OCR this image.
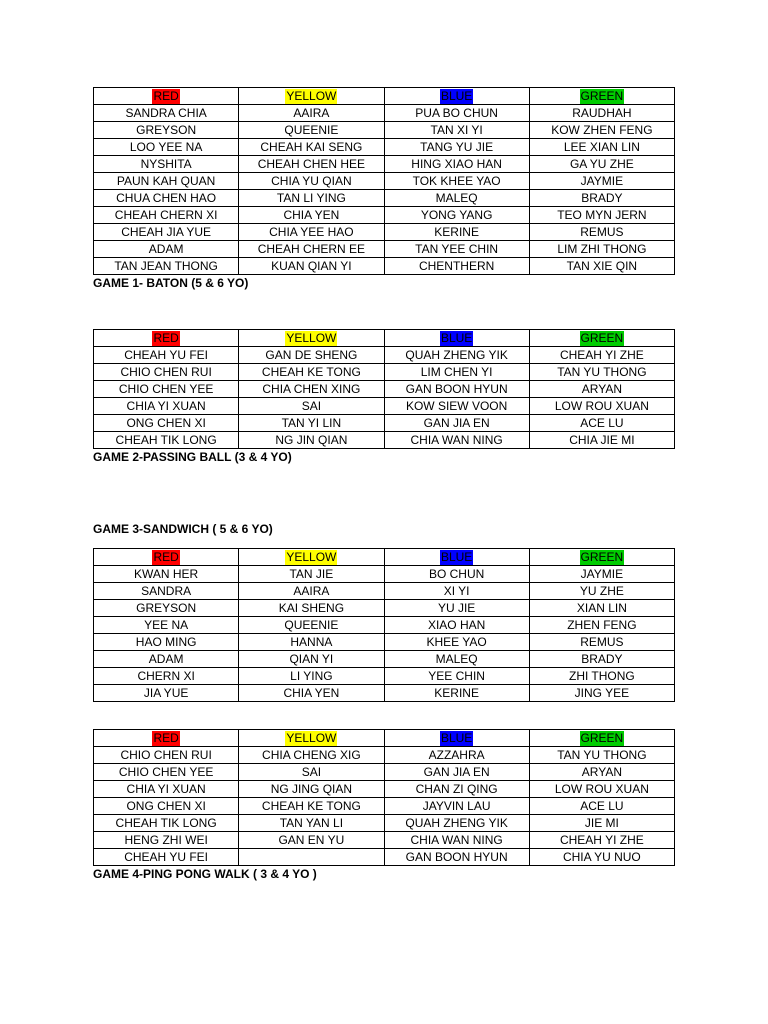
RED	YELLOW	BLUE	GREEN
SANDRA CHIA	AAIRA	PUA BO CHUN	RAUDHAH
GREYSON	QUEENIE	TAN XI YI	KOW ZHEN FENG
LOO YEE NA	CHEAH KAI SENG	TANG YU JIE	LEE XIAN LIN
NYSHITA	CHEAH CHEN HEE	HING XIAO HAN	GA YU ZHE
PAUN KAH QUAN	CHIA YU QIAN	TOK KHEE YAO	JAYMIE
CHUA CHEN HAO	TAN LI YING	MALEQ	BRADY
CHEAH CHERN XI	CHIA YEN	YONG YANG	TEO MYN JERN
CHEAH JIA YUE	CHIA YEE HAO	KERINE	REMUS
ADAM	CHEAH CHERN EE	TAN YEE CHIN	LIM ZHI THONG
TAN JEAN THONG	KUAN QIAN YI	CHENTHERN	TAN XIE QIN
GAME 1- BATON (5 & 6 YO)
RED	YELLOW	BLUE	GREEN
CHEAH YU FEI	GAN DE SHENG	QUAH ZHENG YIK	CHEAH YI ZHE
CHIO CHEN RUI	CHEAH KE TONG	LIM CHEN YI	TAN YU THONG
CHIO CHEN YEE	CHIA CHEN XING	GAN BOON HYUN	ARYAN
CHIA YI XUAN	SAI	KOW SIEW VOON	LOW ROU XUAN
ONG CHEN XI	TAN YI LIN	GAN JIA EN	ACE LU
CHEAH TIK LONG	NG JIN QIAN	CHIA WAN NING	CHIA JIE MI
GAME 2-PASSING BALL (3 & 4 YO)
GAME 3-SANDWICH ( 5 & 6 YO)
RED	YELLOW	BLUE	GREEN
KWAN HER	TAN JIE	BO CHUN	JAYMIE
SANDRA	AAIRA	XI YI	YU ZHE
GREYSON	KAI SHENG	YU JIE	XIAN LIN
YEE NA	QUEENIE	XIAO HAN	ZHEN FENG
HAO MING	HANNA	KHEE YAO	REMUS
ADAM	QIAN YI	MALEQ	BRADY
CHERN XI	LI YING	YEE CHIN	ZHI THONG
JIA YUE	CHIA YEN	KERINE	JING YEE
RED	YELLOW	BLUE	GREEN
CHIO CHEN RUI	CHIA CHENG XIG	AZZAHRA	TAN YU THONG
CHIO CHEN YEE	SAI	GAN JIA EN	ARYAN
CHIA YI XUAN	NG JING QIAN	CHAN ZI QING	LOW ROU XUAN
ONG CHEN XI	CHEAH KE TONG	JAYVIN LAU	ACE LU
CHEAH TIK LONG	TAN YAN LI	QUAH ZHENG YIK	JIE MI
HENG ZHI WEI	GAN EN YU	CHIA WAN NING	CHEAH YI ZHE
CHEAH YU FEI		GAN BOON HYUN	CHIA YU NUO
GAME 4-PING PONG WALK ( 3 & 4 YO )
